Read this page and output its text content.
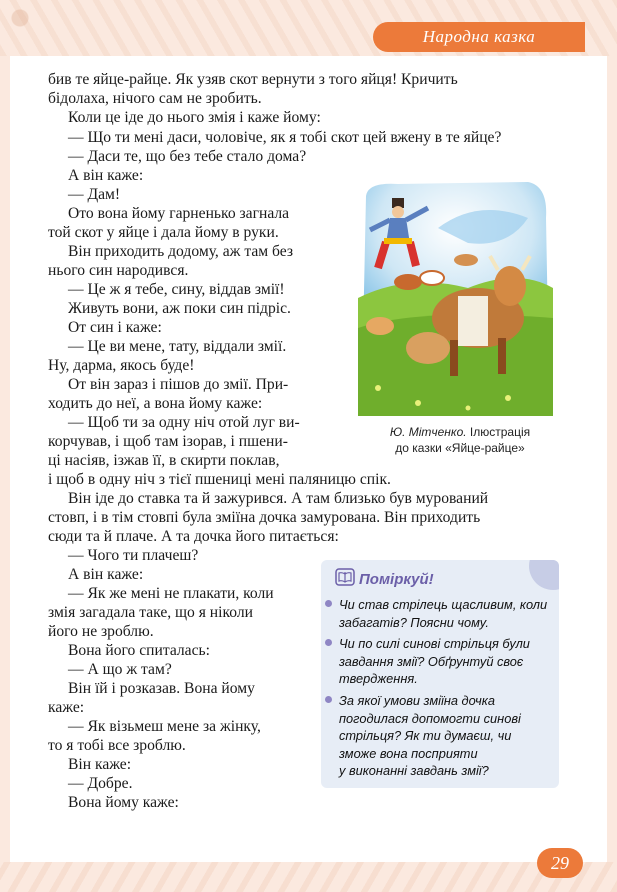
Народна казка
бив те яйце-райце. Як узяв скот вернути з того яйця! Кричить
бідолаха, нічого сам не зробить.
Коли це іде до нього змія і каже йому:
— Що ти мені даси, чоловіче, як я тобі скот цей вжену в те яйце?
— Даси те, що без тебе стало дома?
А він каже:
— Дам!
Ото вона йому гарненько загнала
той скот у яйце і дала йому в руки.
Він приходить додому, аж там без
нього син народився.
— Це ж я тебе, сину, віддав змії!
Живуть вони, аж поки син підріс.
От син і каже:
— Це ви мене, тату, віддали змії.
Ну, дарма, якось буде!
От він зараз і пішов до змії. При-
ходить до неї, а вона йому каже:
— Щоб ти за одну ніч отой луг ви-
корчував, і щоб там ізорав, і пшени-
ці насіяв, ізжав її, в скирти поклав,
і щоб в одну ніч з тієї пшениці мені паляницю спік.
Він іде до ставка та й зажурився. А там близько був мурований
стовп, і в тім стовпі була зміїна дочка замурована. Він приходить
сюди та й плаче. А та дочка його питається:
— Чого ти плачеш?
А він каже:
— Як же мені не плакати, коли
змія загадала таке, що я ніколи
його не зроблю.
Вона його спиталась:
— А що ж там?
Він їй і розказав. Вона йому
каже:
— Як візьмеш мене за жінку,
то я тобі все зроблю.
Він каже:
— Добре.
Вона йому каже:
Ю. Мітченко. Ілюстрація
до казки «Яйце-райце»
Поміркуй!
Чи став стрілець щасливим, коли
забагатів? Поясни чому.
Чи по силі синові стрільця були
завдання змії? Обґрунтуй своє
твердження.
За якої умови зміїна дочка
погодилася допомогти синові
стрільця? Як ти думаєш, чи
зможе вона посприяти
у виконанні завдань змії?
29
